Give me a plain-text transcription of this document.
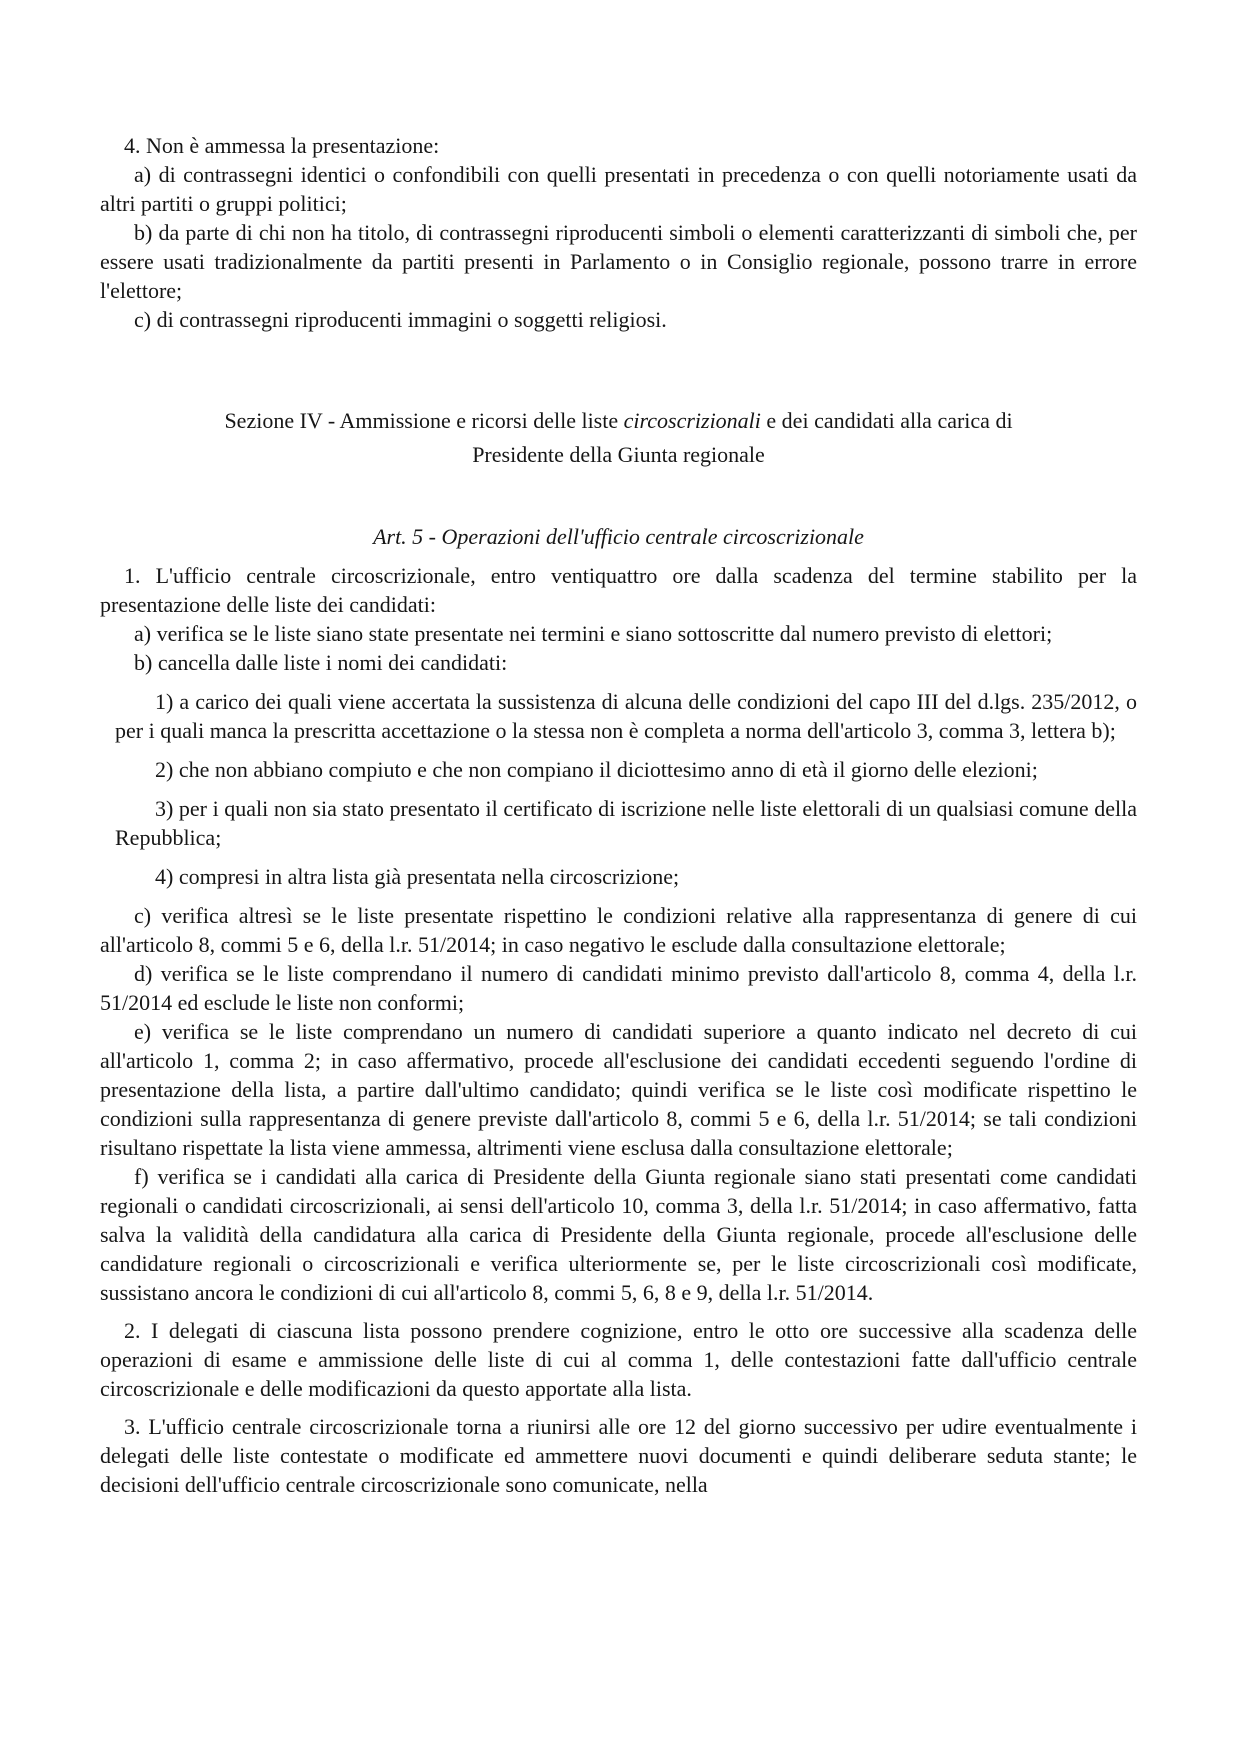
4. Non è ammessa la presentazione:

a) di contrassegni identici o confondibili con quelli presentati in precedenza o con quelli notoriamente usati da altri partiti o gruppi politici;

b) da parte di chi non ha titolo, di contrassegni riproducenti simboli o elementi caratterizzanti di simboli che, per essere usati tradizionalmente da partiti presenti in Parlamento o in Consiglio regionale, possono trarre in errore l'elettore;

c) di contrassegni riproducenti immagini o soggetti religiosi.

Sezione IV - Ammissione e ricorsi delle liste circoscrizionali e dei candidati alla carica di
Presidente della Giunta regionale
Art. 5 - Operazioni dell'ufficio centrale circoscrizionale

1. L'ufficio centrale circoscrizionale, entro ventiquattro ore dalla scadenza del termine stabilito per la presentazione delle liste dei candidati:

a) verifica se le liste siano state presentate nei termini e siano sottoscritte dal numero previsto di elettori;

b) cancella dalle liste i nomi dei candidati:

1) a carico dei quali viene accertata la sussistenza di alcuna delle condizioni del capo III del d.lgs. 235/2012, o per i quali manca la prescritta accettazione o la stessa non è completa a norma dell'articolo 3, comma 3, lettera b);

2) che non abbiano compiuto e che non compiano il diciottesimo anno di età il giorno delle elezioni;

3) per i quali non sia stato presentato il certificato di iscrizione nelle liste elettorali di un qualsiasi comune della Repubblica;

4) compresi in altra lista già presentata nella circoscrizione;

c) verifica altresì se le liste presentate rispettino le condizioni relative alla rappresentanza di genere di cui all'articolo 8, commi 5 e 6, della l.r. 51/2014; in caso negativo le esclude dalla consultazione elettorale;

d) verifica se le liste comprendano il numero di candidati minimo previsto dall'articolo 8, comma 4, della l.r. 51/2014 ed esclude le liste non conformi;

e) verifica se le liste comprendano un numero di candidati superiore a quanto indicato nel decreto di cui all'articolo 1, comma 2; in caso affermativo, procede all'esclusione dei candidati eccedenti seguendo l'ordine di presentazione della lista, a partire dall'ultimo candidato; quindi verifica se le liste così modificate rispettino le condizioni sulla rappresentanza di genere previste dall'articolo 8, commi 5 e 6, della l.r. 51/2014; se tali condizioni risultano rispettate la lista viene ammessa, altrimenti viene esclusa dalla consultazione elettorale;

f) verifica se i candidati alla carica di Presidente della Giunta regionale siano stati presentati come candidati regionali o candidati circoscrizionali, ai sensi dell'articolo 10, comma 3, della l.r. 51/2014; in caso affermativo, fatta salva la validità della candidatura alla carica di Presidente della Giunta regionale, procede all'esclusione delle candidature regionali o circoscrizionali e verifica ulteriormente se, per le liste circoscrizionali così modificate, sussistano ancora le condizioni di cui all'articolo 8, commi 5, 6, 8 e 9, della l.r. 51/2014.

2. I delegati di ciascuna lista possono prendere cognizione, entro le otto ore successive alla scadenza delle operazioni di esame e ammissione delle liste di cui al comma 1, delle contestazioni fatte dall'ufficio centrale circoscrizionale e delle modificazioni da questo apportate alla lista.

3. L'ufficio centrale circoscrizionale torna a riunirsi alle ore 12 del giorno successivo per udire eventualmente i delegati delle liste contestate o modificate ed ammettere nuovi documenti e quindi deliberare seduta stante; le decisioni dell'ufficio centrale circoscrizionale sono comunicate, nella
